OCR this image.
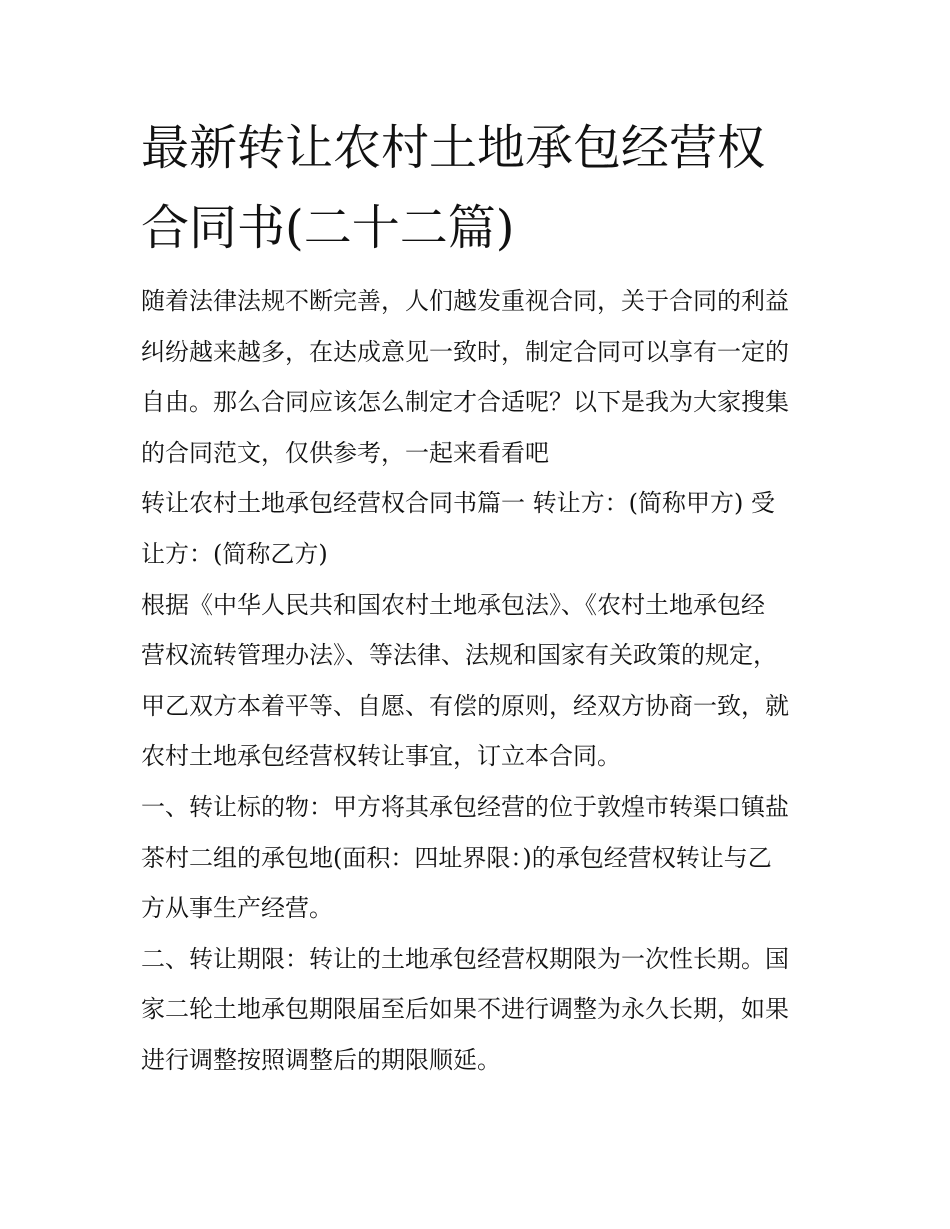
最新转让农村土地承包经营权
合同书(二十二篇)

随着法律法规不断完善，人们越发重视合同，关于合同的利益
纠纷越来越多，在达成意见一致时，制定合同可以享有一定的
自由。那么合同应该怎么制定才合适呢？以下是我为大家搜集
的合同范文，仅供参考，一起来看看吧

转让农村土地承包经营权合同书篇一 转让方：(简称甲方) 受
让方：(简称乙方)

根据《中华人民共和国农村土地承包法》、《农村土地承包经
营权流转管理办法》、等法律、法规和国家有关政策的规定，
甲乙双方本着平等、自愿、有偿的原则，经双方协商一致，就
农村土地承包经营权转让事宜，订立本合同。

一、转让标的物：甲方将其承包经营的位于敦煌市转渠口镇盐
茶村二组的承包地(面积：四址界限：)的承包经营权转让与乙
方从事生产经营。

二、转让期限：转让的土地承包经营权期限为一次性长期。国
家二轮土地承包期限届至后如果不进行调整为永久长期，如果
进行调整按照调整后的期限顺延。
